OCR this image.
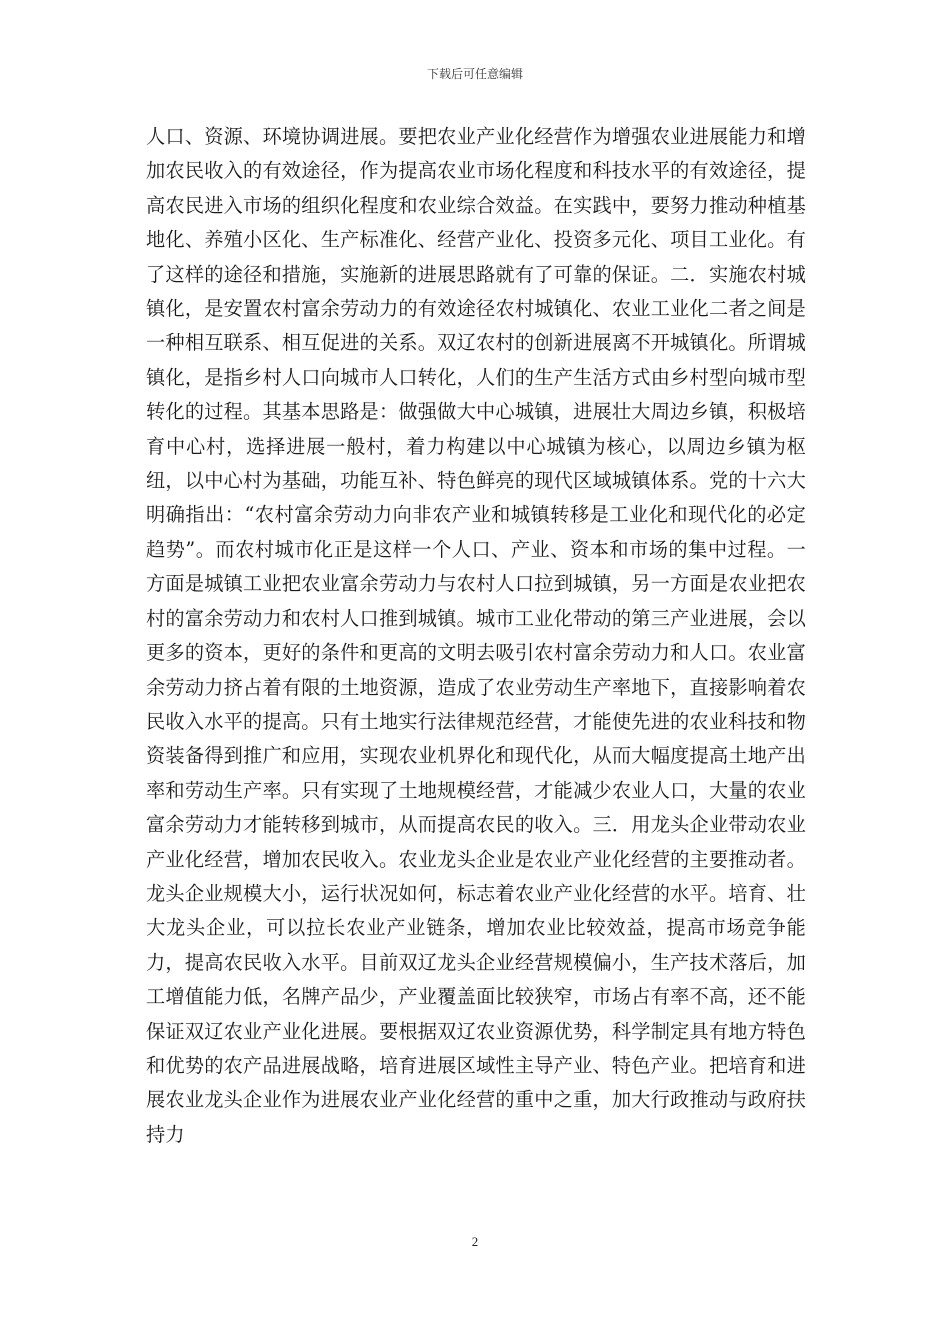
下载后可任意编辑

人口、资源、环境协调进展。要把农业产业化经营作为增强农业进展能力和增加农民收入的有效途径，作为提高农业市场化程度和科技水平的有效途径，提高农民进入市场的组织化程度和农业综合效益。在实践中，要努力推动种植基地化、养殖小区化、生产标准化、经营产业化、投资多元化、项目工业化。有了这样的途径和措施，实施新的进展思路就有了可靠的保证。二．实施农村城镇化，是安置农村富余劳动力的有效途径农村城镇化、农业工业化二者之间是一种相互联系、相互促进的关系。双辽农村的创新进展离不开城镇化。所谓城镇化，是指乡村人口向城市人口转化，人们的生产生活方式由乡村型向城市型转化的过程。其基本思路是：做强做大中心城镇，进展壮大周边乡镇，积极培育中心村，选择进展一般村，着力构建以中心城镇为核心，以周边乡镇为枢纽，以中心村为基础，功能互补、特色鲜亮的现代区域城镇体系。党的十六大明确指出：“农村富余劳动力向非农产业和城镇转移是工业化和现代化的必定趋势”。而农村城市化正是这样一个人口、产业、资本和市场的集中过程。一方面是城镇工业把农业富余劳动力与农村人口拉到城镇，另一方面是农业把农村的富余劳动力和农村人口推到城镇。城市工业化带动的第三产业进展，会以更多的资本，更好的条件和更高的文明去吸引农村富余劳动力和人口。农业富余劳动力挤占着有限的土地资源，造成了农业劳动生产率地下，直接影响着农民收入水平的提高。只有土地实行法律规范经营，才能使先进的农业科技和物资装备得到推广和应用，实现农业机界化和现代化，从而大幅度提高土地产出率和劳动生产率。只有实现了土地规模经营，才能减少农业人口，大量的农业富余劳动力才能转移到城市，从而提高农民的收入。三．用龙头企业带动农业产业化经营，增加农民收入。农业龙头企业是农业产业化经营的主要推动者。龙头企业规模大小，运行状况如何，标志着农业产业化经营的水平。培育、壮大龙头企业，可以拉长农业产业链条，增加农业比较效益，提高市场竞争能力，提高农民收入水平。目前双辽龙头企业经营规模偏小，生产技术落后，加工增值能力低，名牌产品少，产业覆盖面比较狭窄，市场占有率不高，还不能保证双辽农业产业化进展。要根据双辽农业资源优势，科学制定具有地方特色和优势的农产品进展战略，培育进展区域性主导产业、特色产业。把培育和进展农业龙头企业作为进展农业产业化经营的重中之重，加大行政推动与政府扶持力

2
